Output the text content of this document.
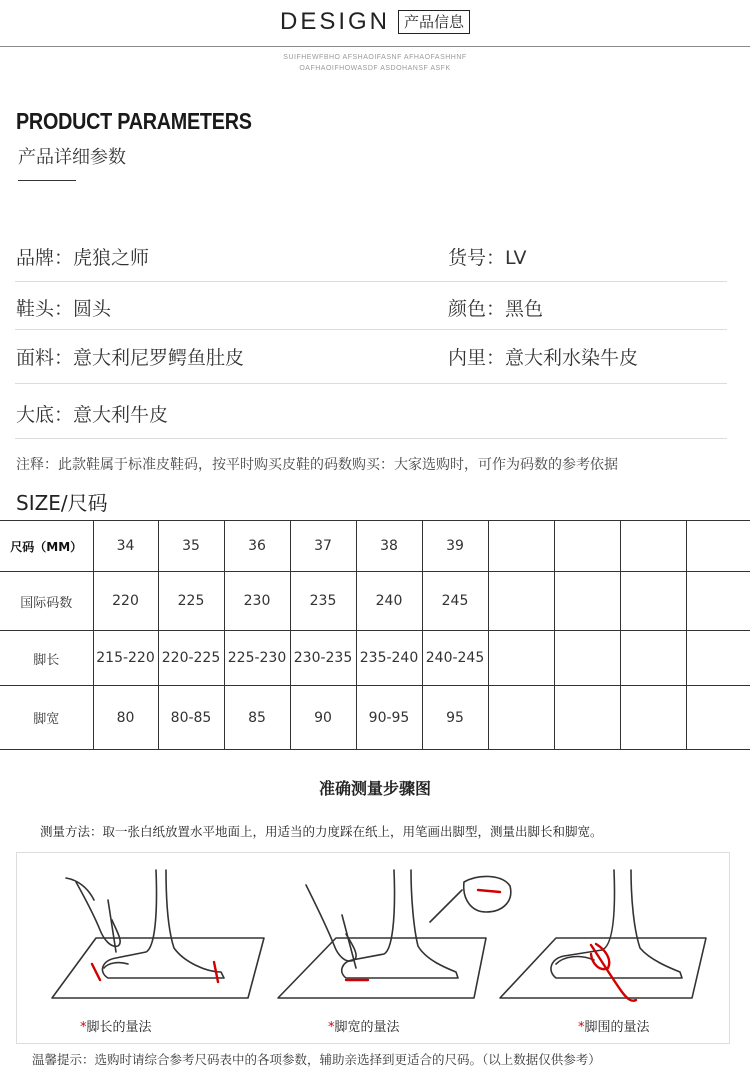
DESIGN 产品信息
SUIFHEWFBHO AFSHAOIFASNF AFHAOFASHHNF
OAFHAOIFHOWASDF ASDOHANSF ASFK
PRODUCT PARAMETERS
产品详细参数
品牌：虎狼之师	货号：LV
鞋头：圆头	颜色：黑色
面料：意大利尼罗鳄鱼肚皮	内里：意大利水染牛皮
大底：意大利牛皮
注释：此款鞋属于标准皮鞋码，按平时购买皮鞋的码数购买：大家选购时，可作为码数的参考依据
SIZE/尺码
尺码（MM）	34	35	36	37	38	39				
国际码数	220	225	230	235	240	245				
脚长	215-220	220-225	225-230	230-235	235-240	240-245				
脚宽	80	80-85	85	90	90-95	95				
准确测量步骤图
测量方法：取一张白纸放置水平地面上，用适当的力度踩在纸上，用笔画出脚型，测量出脚长和脚宽。
*脚长的量法	*脚宽的量法	*脚围的量法
温馨提示：选购时请综合参考尺码表中的各项参数，辅助亲选择到更适合的尺码。（以上数据仅供参考）
